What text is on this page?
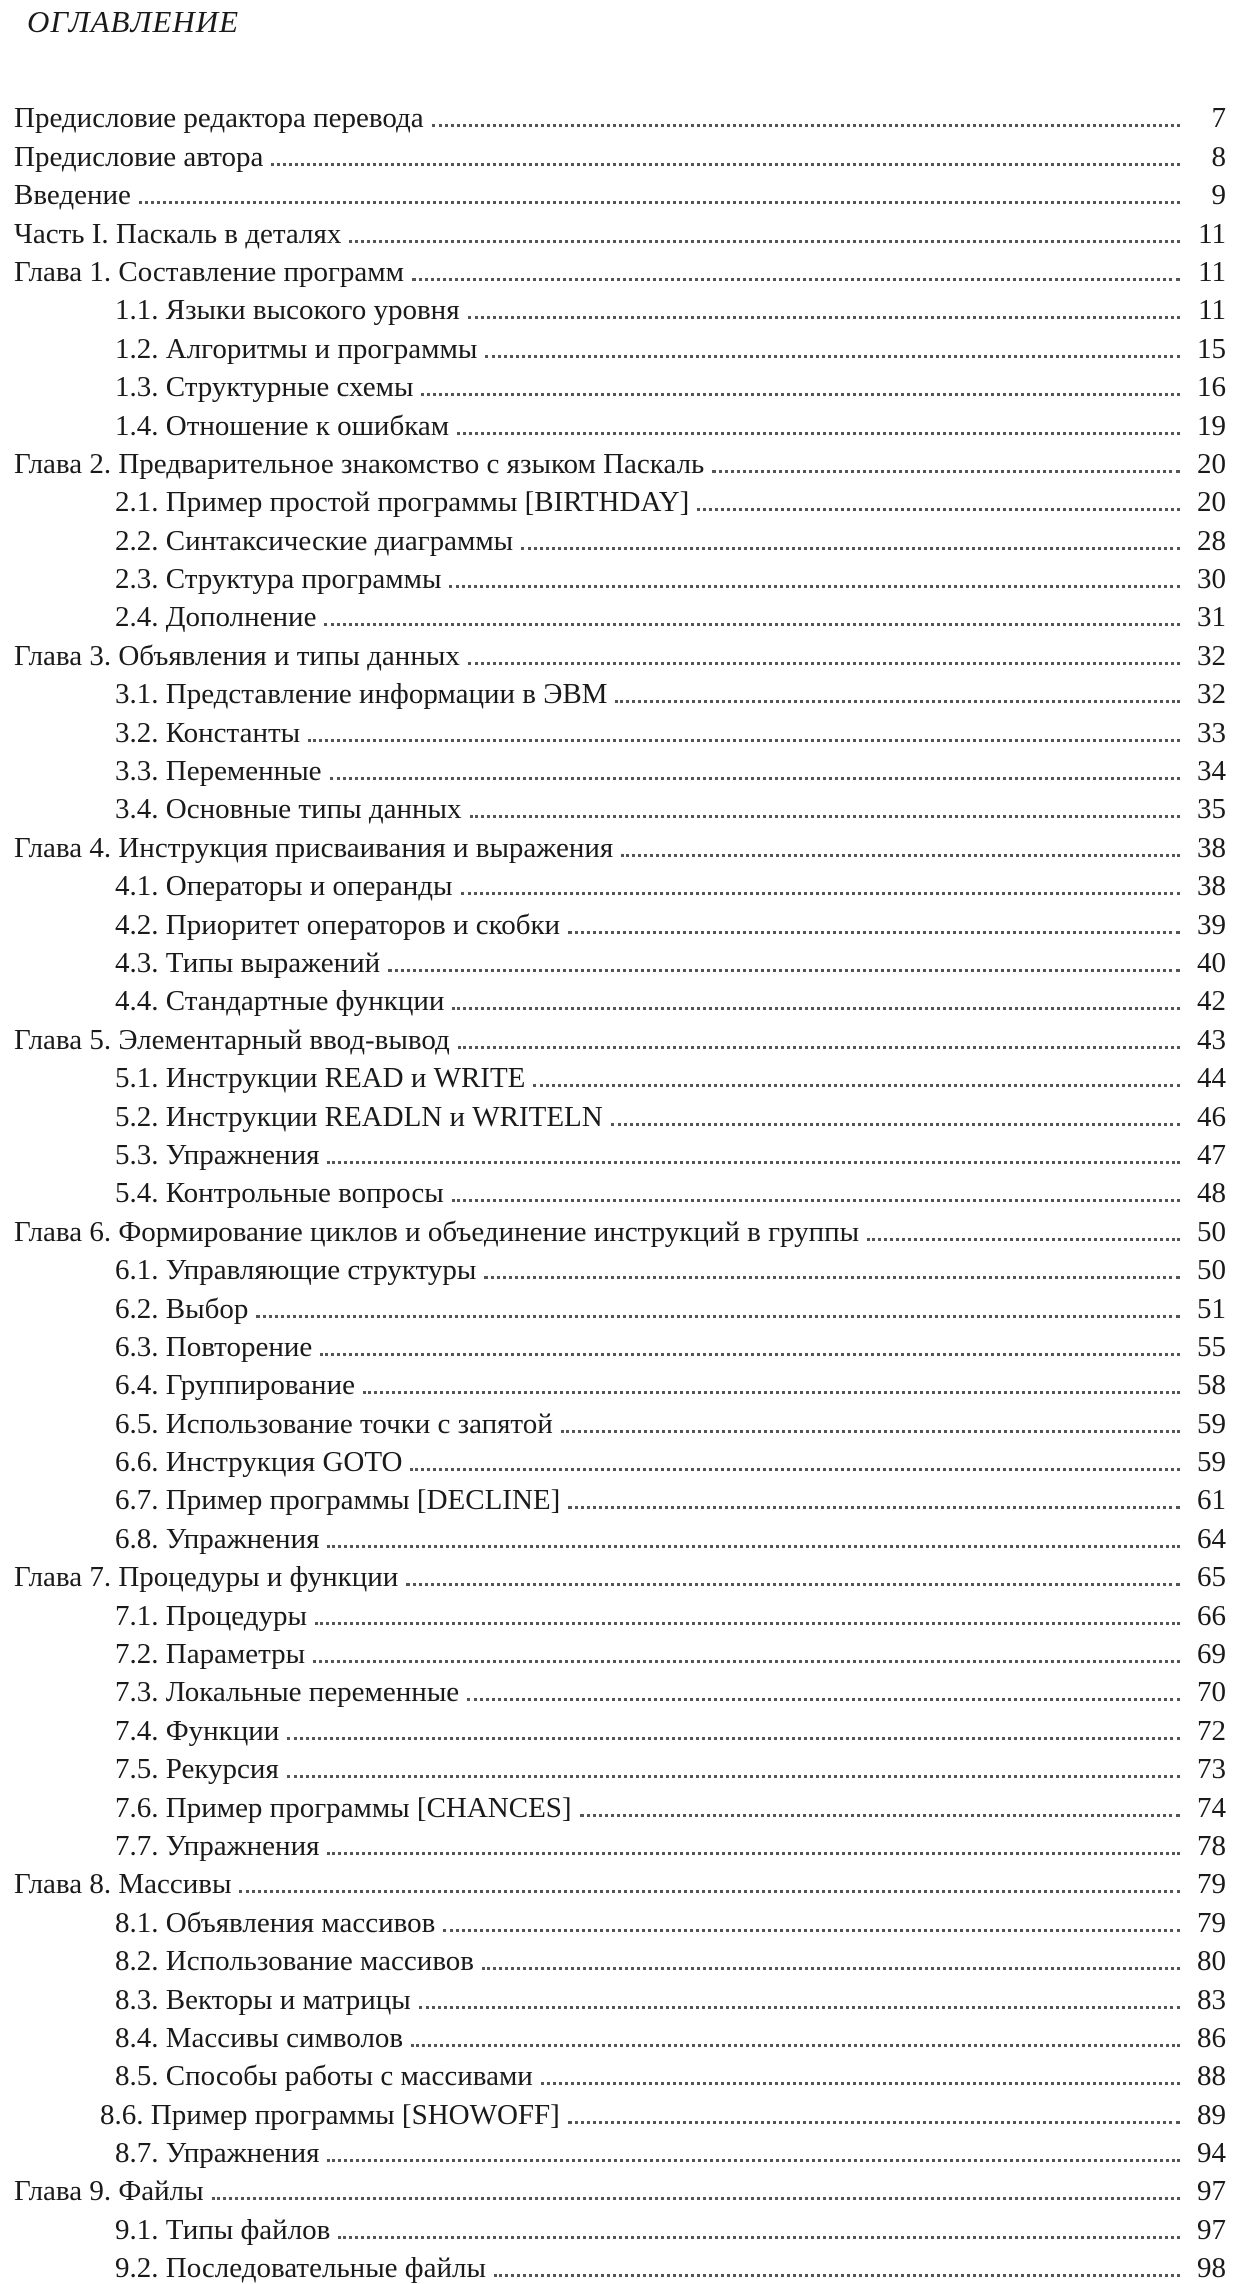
ОГЛАВЛЕНИЕ
Предисловие редактора перевода	7
Предисловие автора	8
Введение	9
Часть I. Паскаль в деталях	11
Глава 1. Составление программ	11
1.1. Языки высокого уровня	11
1.2. Алгоритмы и программы	15
1.3. Структурные схемы	16
1.4. Отношение к ошибкам	19
Глава 2. Предварительное знакомство с языком Паскаль	20
2.1. Пример простой программы [BIRTHDAY]	20
2.2. Синтаксические диаграммы	28
2.3. Структура программы	30
2.4. Дополнение	31
Глава 3. Объявления и типы данных	32
3.1. Представление информации в ЭВМ	32
3.2. Константы	33
3.3. Переменные	34
3.4. Основные типы данных	35
Глава 4. Инструкция присваивания и выражения	38
4.1. Операторы и операнды	38
4.2. Приоритет операторов и скобки	39
4.3. Типы выражений	40
4.4. Стандартные функции	42
Глава 5. Элементарный ввод-вывод	43
5.1. Инструкции READ и WRITE	44
5.2. Инструкции READLN и WRITELN	46
5.3. Упражнения	47
5.4. Контрольные вопросы	48
Глава 6. Формирование циклов и объединение инструкций в группы	50
6.1. Управляющие структуры	50
6.2. Выбор	51
6.3. Повторение	55
6.4. Группирование	58
6.5. Использование точки с запятой	59
6.6. Инструкция GOTO	59
6.7. Пример программы [DECLINE]	61
6.8. Упражнения	64
Глава 7. Процедуры и функции	65
7.1. Процедуры	66
7.2. Параметры	69
7.3. Локальные переменные	70
7.4. Функции	72
7.5. Рекурсия	73
7.6. Пример программы [CHANCES]	74
7.7. Упражнения	78
Глава 8. Массивы	79
8.1. Объявления массивов	79
8.2. Использование массивов	80
8.3. Векторы и матрицы	83
8.4. Массивы символов	86
8.5. Способы работы с массивами	88
8.6. Пример программы [SHOWOFF]	89
8.7. Упражнения	94
Глава 9. Файлы	97
9.1. Типы файлов	97
9.2. Последовательные файлы	98
